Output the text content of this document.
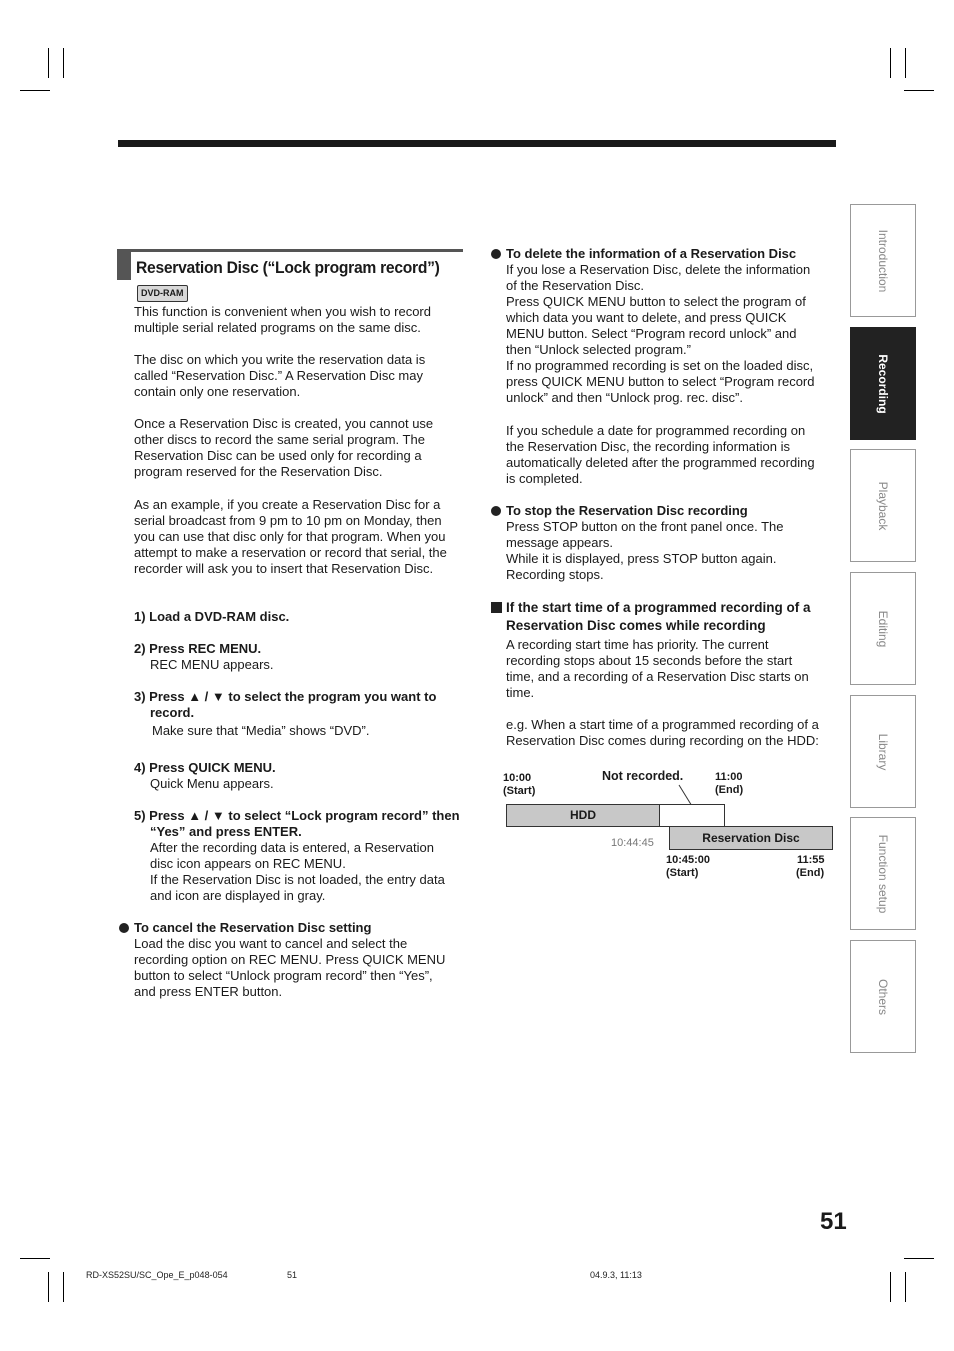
Reservation Disc (“Lock program record”)
DVD-RAM
This function is convenient when you wish to record
multiple serial related programs on the same disc.
The disc on which you write the reservation data is
called “Reservation Disc.” A Reservation Disc may
contain only one reservation.
Once a Reservation Disc is created, you cannot use
other discs to record the same serial program. The
Reservation Disc can be used only for recording a
program reserved for the Reservation Disc.
As an example, if you create a Reservation Disc for a
serial broadcast from 9 pm to 10 pm on Monday, then
you can use that disc only for that program. When you
attempt to make a reservation or record that serial, the
recorder will ask you to insert that Reservation Disc.
1) Load a DVD-RAM disc.
2) Press REC MENU.
REC MENU appears.
3) Press ▲ / ▼ to select the program you want to
record.
Make sure that “Media” shows “DVD”.
4) Press QUICK MENU.
Quick Menu appears.
5) Press ▲ / ▼ to select “Lock program record” then
“Yes” and press ENTER.
After the recording data is entered, a Reservation
disc icon appears on REC MENU.
If the Reservation Disc is not loaded, the entry data
and icon are displayed in gray.
To cancel the Reservation Disc setting
Load the disc you want to cancel and select the
recording option on REC MENU. Press QUICK MENU
button to select “Unlock program record” then “Yes”,
and press ENTER button.
To delete the information of a Reservation Disc
If you lose a Reservation Disc, delete the information
of the Reservation Disc.
Press QUICK MENU button to select the program of
which data you want to delete, and press QUICK
MENU button. Select “Program record unlock” and
then “Unlock selected program.”
If no programmed recording is set on the loaded disc,
press QUICK MENU button to select “Program record
unlock” and then “Unlock prog. rec. disc”.
If you schedule a date for programmed recording on
the Reservation Disc, the recording information is
automatically deleted after the programmed recording
is completed.
To stop the Reservation Disc recording
Press STOP button on the front panel once. The
message appears.
While it is displayed, press STOP button again.
Recording stops.
If the start time of a programmed recording of a
Reservation Disc comes while recording
A recording start time has priority. The current
recording stops about 15 seconds before the start
time, and a recording of a Reservation Disc starts on
time.
e.g. When a start time of a programmed recording of a
Reservation Disc comes during recording on the HDD:
10:00
(Start)
Not recorded.	11:00
(End)
HDD
Reservation Disc
10:44:45
10:45:00
(Start)
11:55
(End)
Introduction
Recording
Playback
Editing
Library
Function setup
Others
51
RD-XS52SU/SC_Ope_E_p048-054	51	04.9.3, 11:13
